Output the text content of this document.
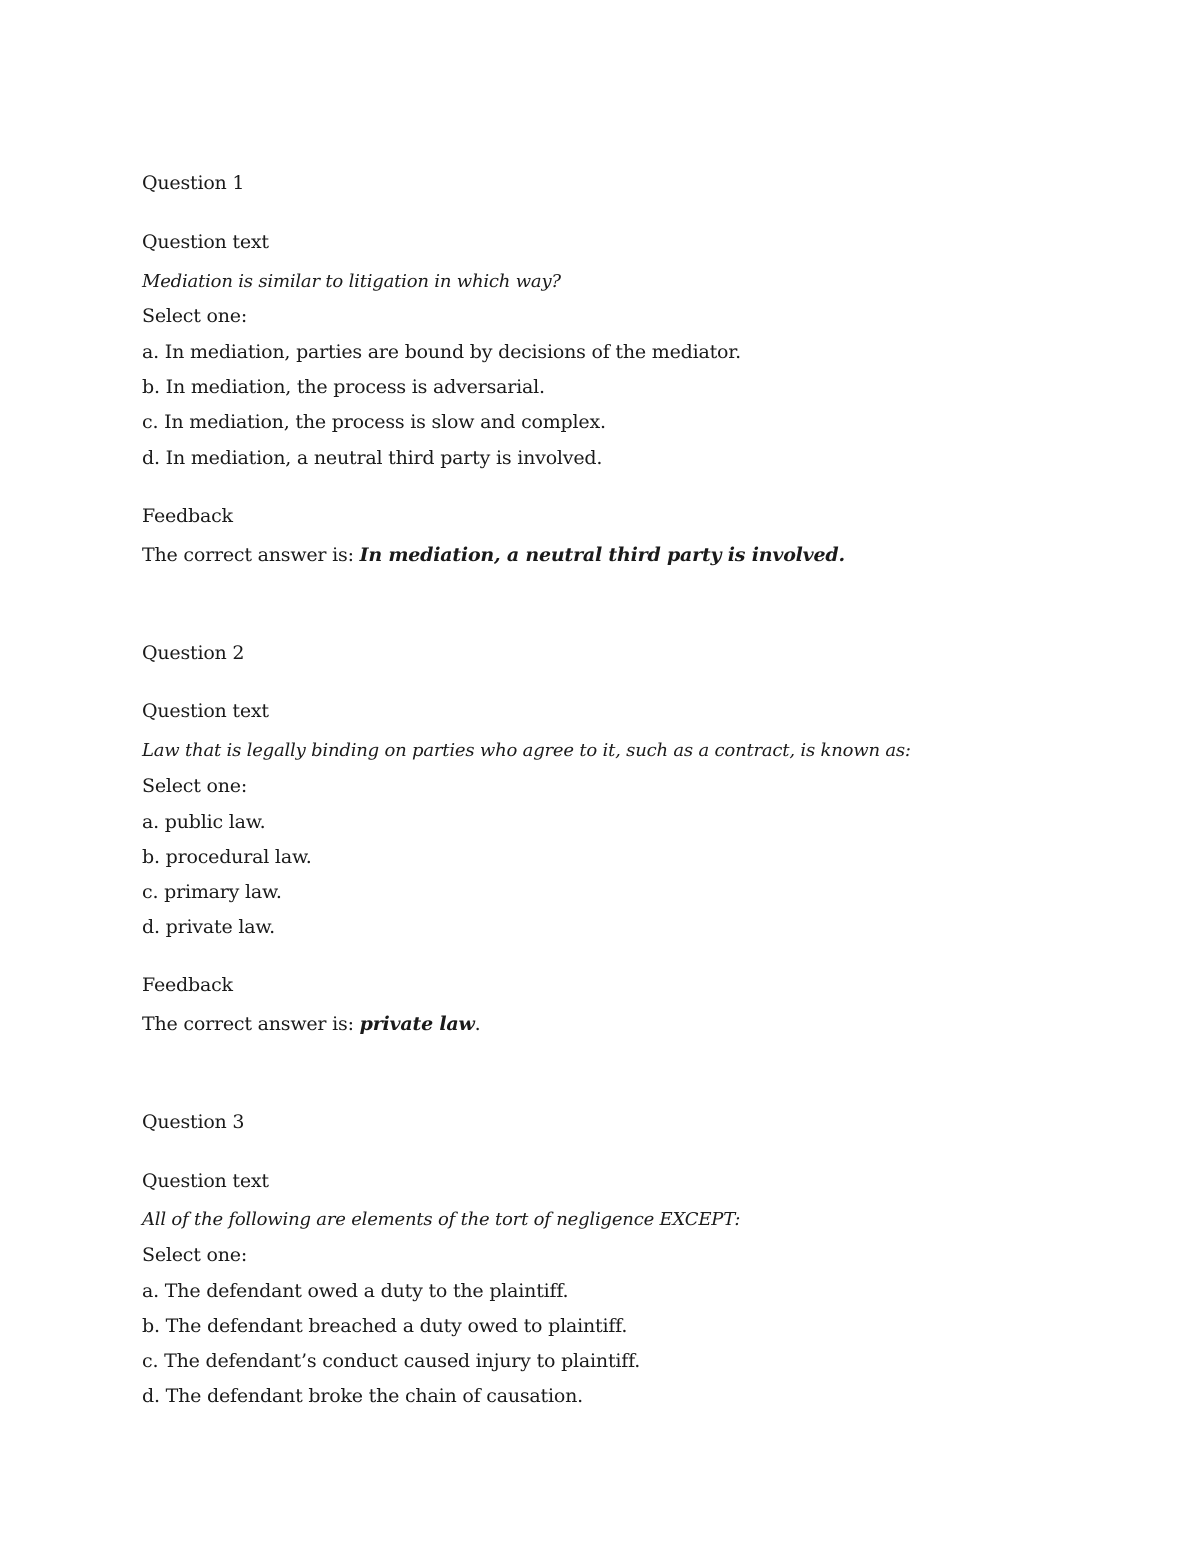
Question 1
Question text
Mediation is similar to litigation in which way?
Select one:
a. In mediation, parties are bound by decisions of the mediator.
b. In mediation, the process is adversarial.
c. In mediation, the process is slow and complex.
d. In mediation, a neutral third party is involved.
Feedback
The correct answer is: In mediation, a neutral third party is involved.
Question 2
Question text
Law that is legally binding on parties who agree to it, such as a contract, is known as:
Select one:
a. public law.
b. procedural law.
c. primary law.
d. private law.
Feedback
The correct answer is: private law.
Question 3
Question text
All of the following are elements of the tort of negligence EXCEPT:
Select one:
a. The defendant owed a duty to the plaintiff.
b. The defendant breached a duty owed to plaintiff.
c. The defendant’s conduct caused injury to plaintiff.
d. The defendant broke the chain of causation.
